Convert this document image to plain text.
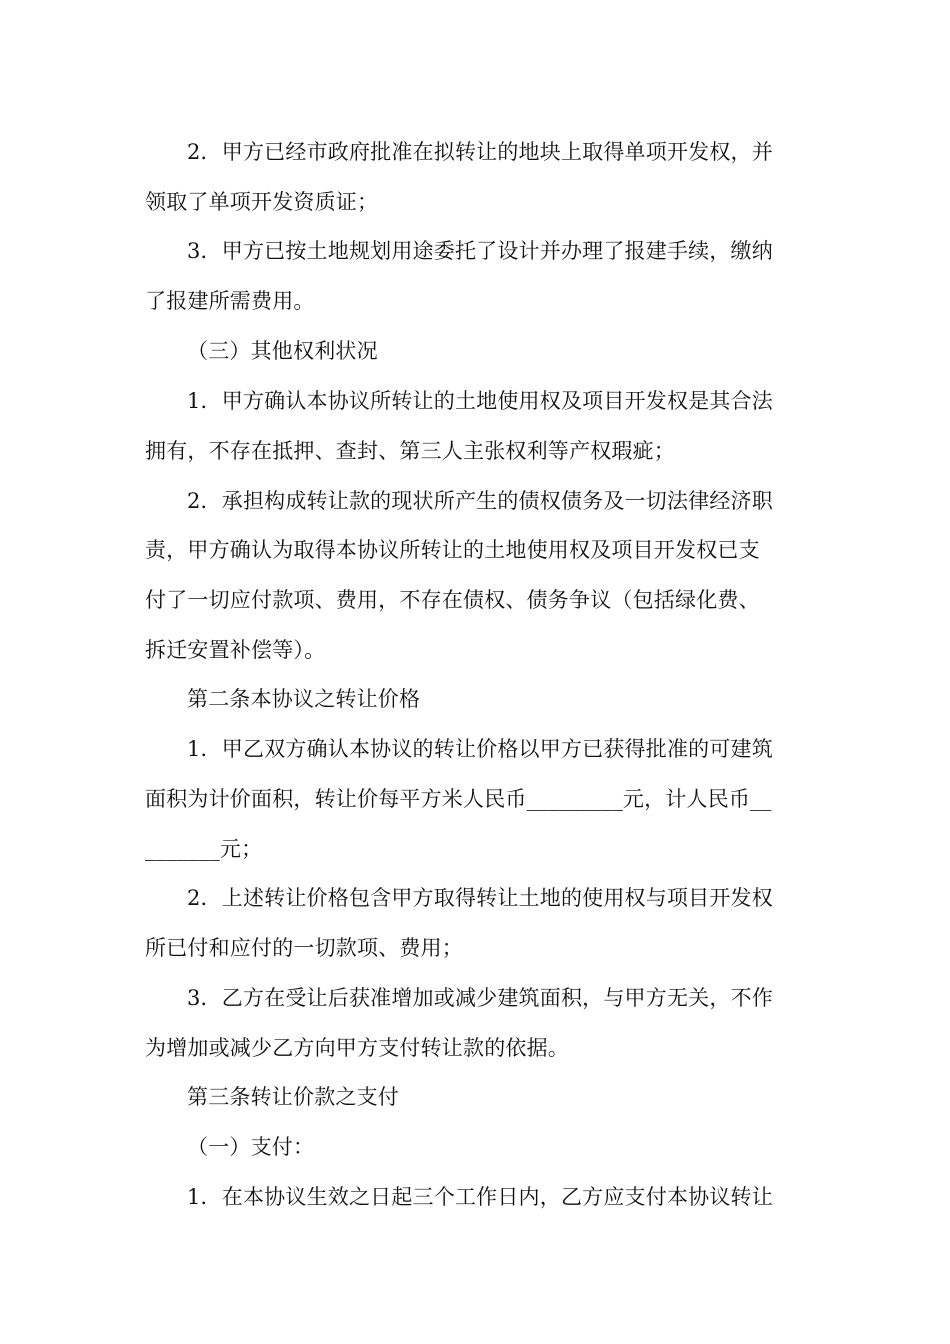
2．甲方已经市政府批准在拟转让的地块上取得单项开发权，并
领取了单项开发资质证；
3．甲方已按土地规划用途委托了设计并办理了报建手续，缴纳
了报建所需费用。
（三）其他权利状况
1．甲方确认本协议所转让的土地使用权及项目开发权是其合法
拥有，不存在抵押、查封、第三人主张权利等产权瑕疵；
2．承担构成转让款的现状所产生的债权债务及一切法律经济职
责，甲方确认为取得本协议所转让的土地使用权及项目开发权已支
付了一切应付款项、费用，不存在债权、债务争议（包括绿化费、
拆迁安置补偿等）。
第二条本协议之转让价格
1．甲乙双方确认本协议的转让价格以甲方已获得批准的可建筑
面积为计价面积，转让价每平方米人民币_________元，计人民币__
_______元；
2．上述转让价格包含甲方取得转让土地的使用权与项目开发权
所已付和应付的一切款项、费用；
3．乙方在受让后获准增加或减少建筑面积，与甲方无关，不作
为增加或减少乙方向甲方支付转让款的依据。
第三条转让价款之支付
（一）支付：
1．在本协议生效之日起三个工作日内，乙方应支付本协议转让
